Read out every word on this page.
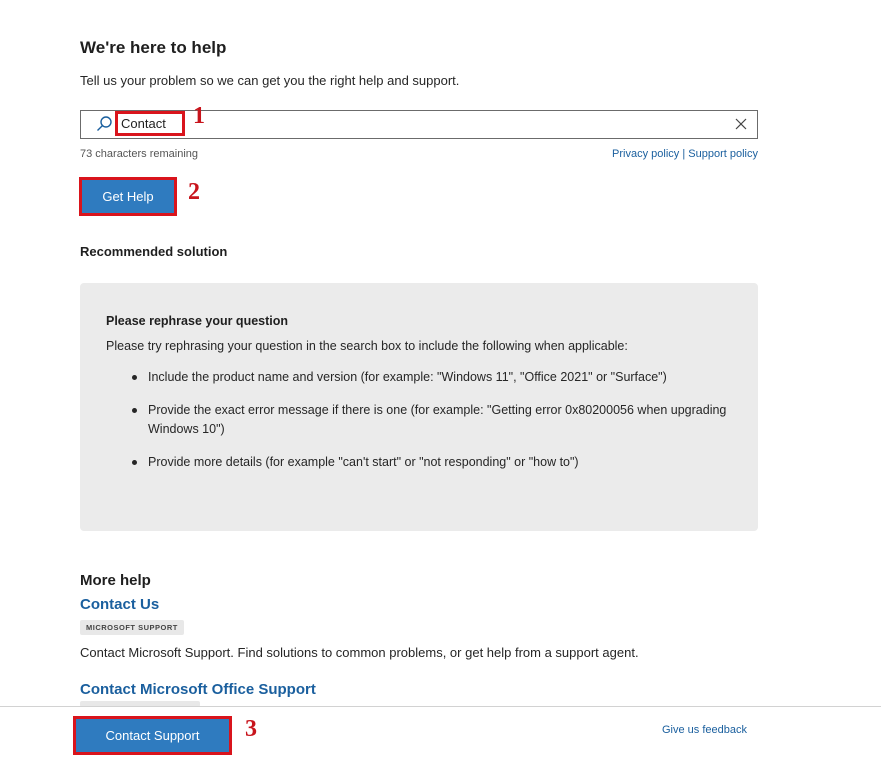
We're here to help
Tell us your problem so we can get you the right help and support.
Contact	1
73 characters remaining	Privacy policy | Support policy
Get Help	2
Recommended solution
Please rephrase your question
Please try rephrasing your question in the search box to include the following when applicable:
Include the product name and version (for example: "Windows 11", "Office 2021" or "Surface")
Provide the exact error message if there is one (for example: "Getting error 0x80200056 when upgrading Windows 10")
Provide more details (for example "can't start" or "not responding" or "how to")
More help
Contact Us
MICROSOFT SUPPORT
Contact Microsoft Support. Find solutions to common problems, or get help from a support agent.
Contact Microsoft Office Support
Contact Support	3	Give us feedback
